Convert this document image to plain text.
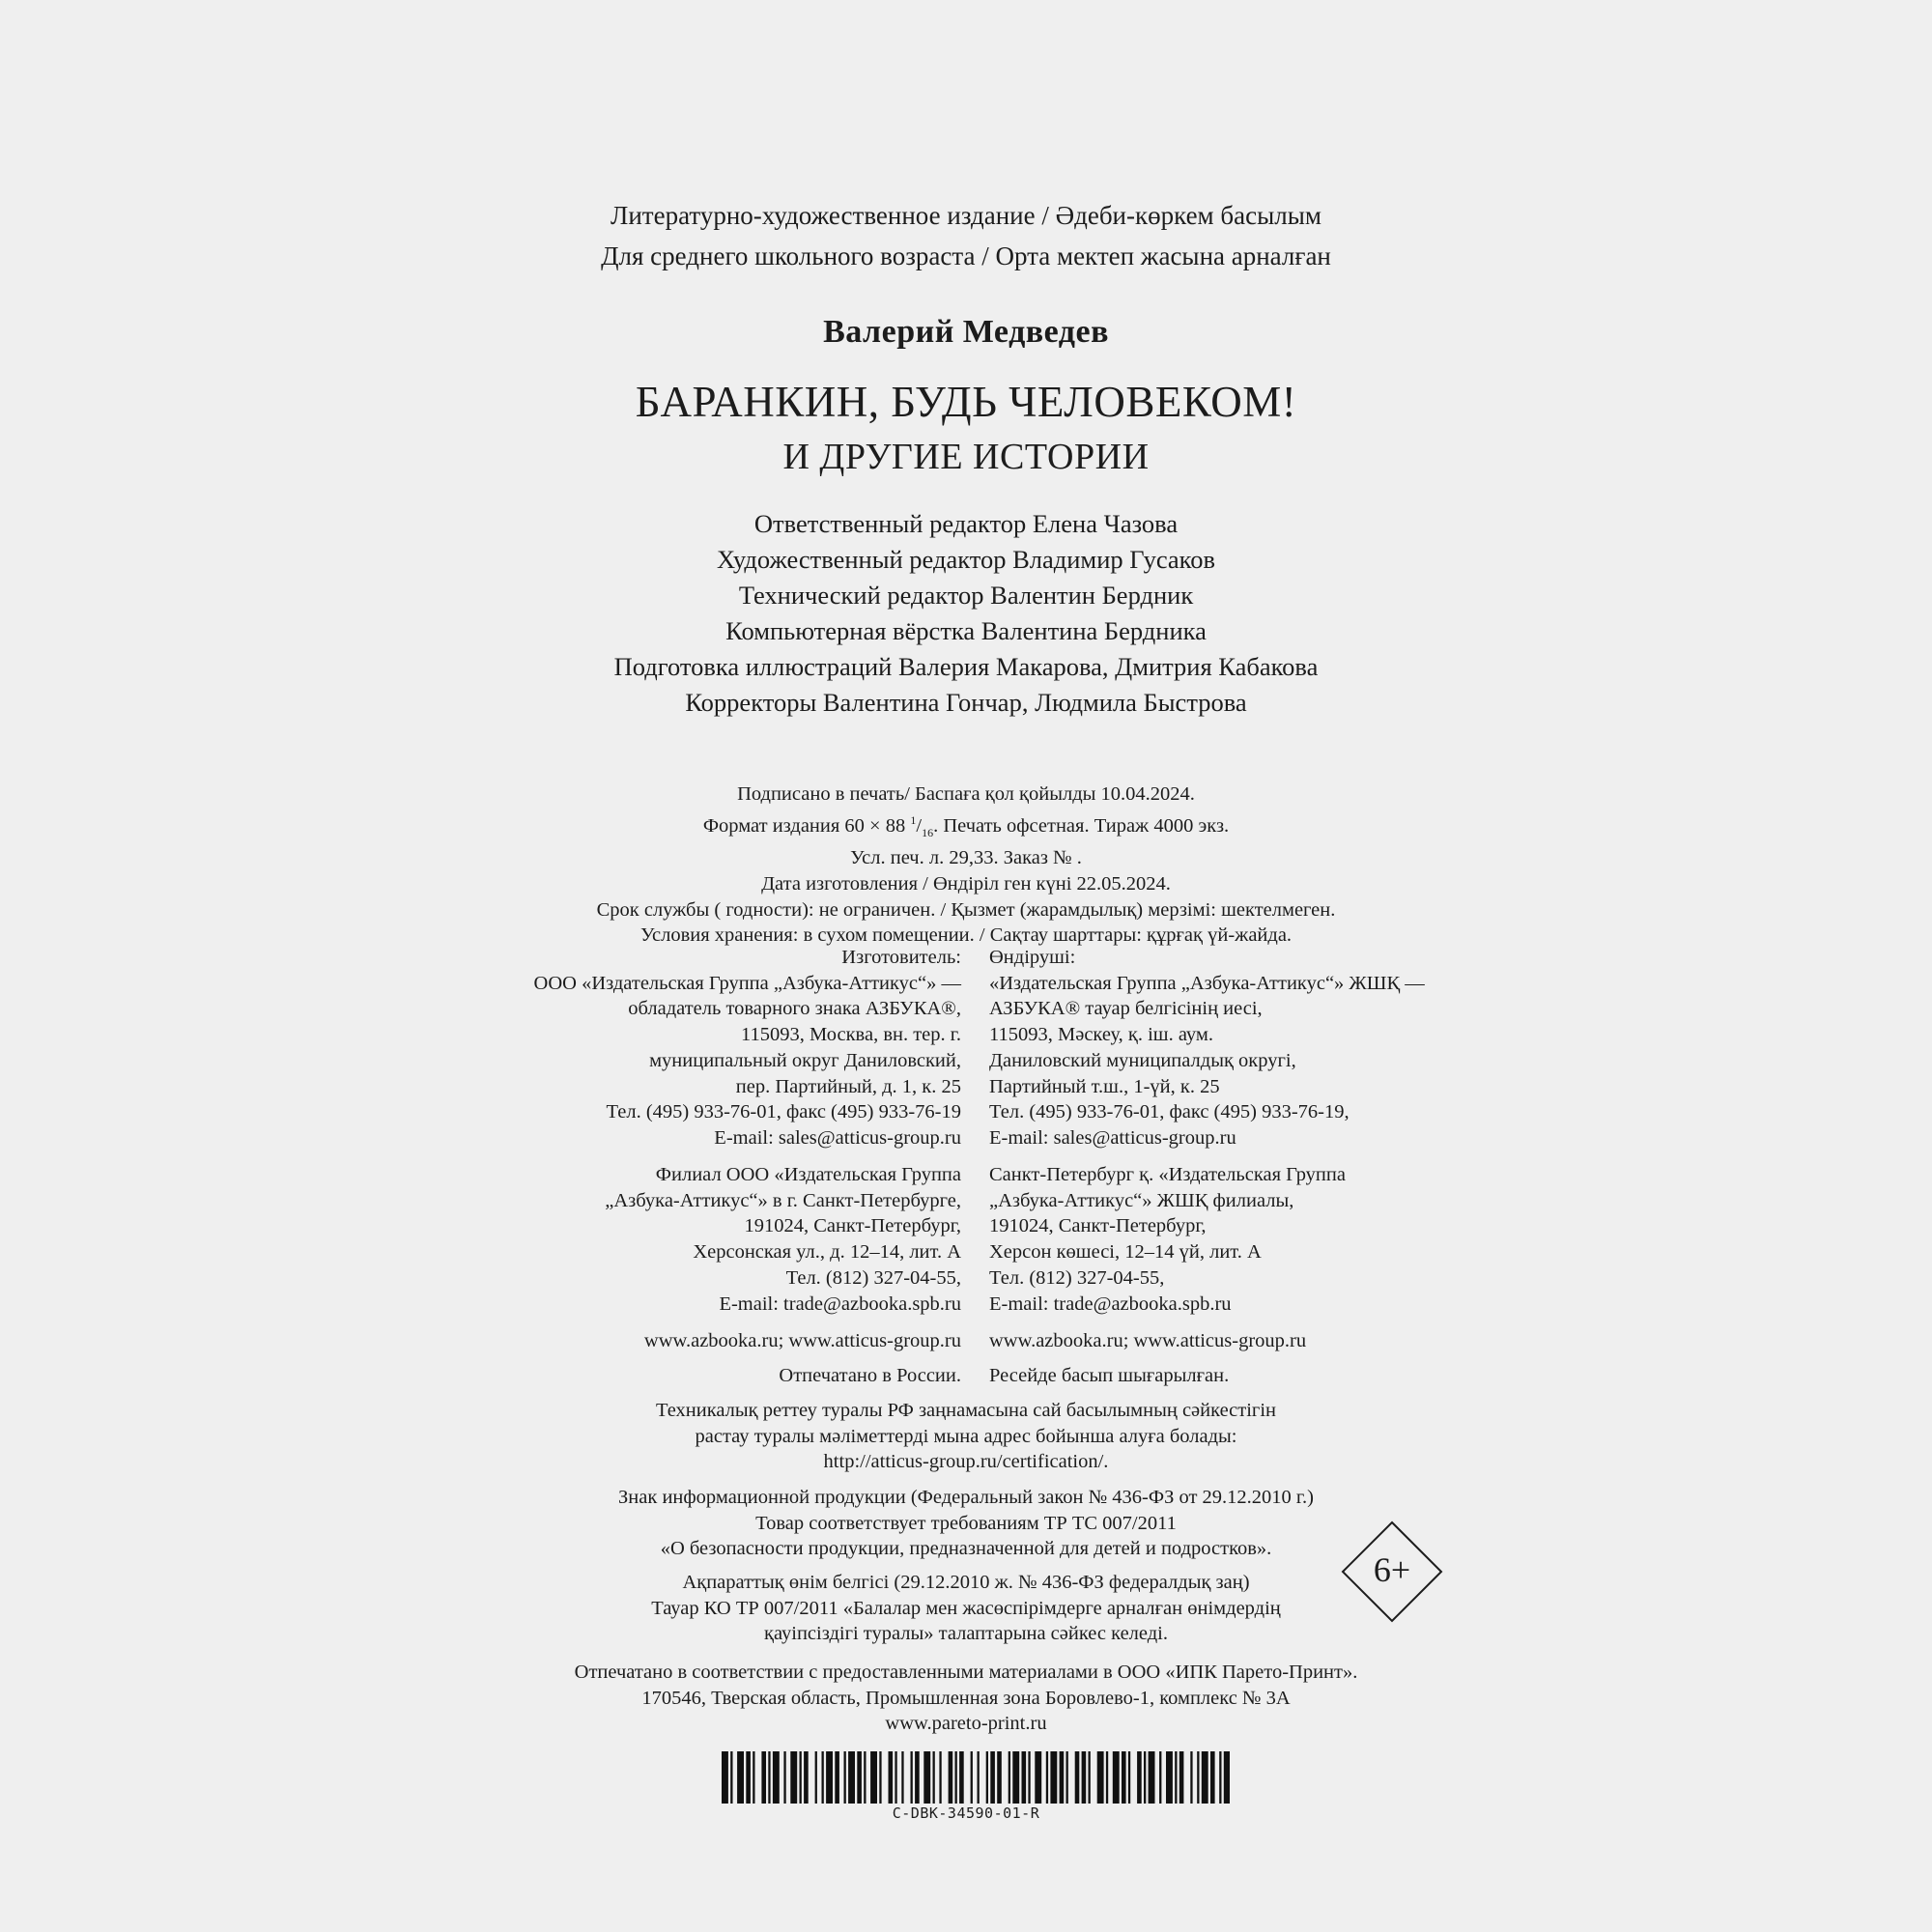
Литературно-художественное издание / Әдеби-көркем басылым
Для среднего школьного возраста / Орта мектеп жасына арналған
Валерий Медведев
БАРАНКИН, БУДЬ ЧЕЛОВЕКОМ!
И ДРУГИЕ ИСТОРИИ
Ответственный редактор Елена Чазова
Художественный редактор Владимир Гусаков
Технический редактор Валентин Бердник
Компьютерная вёрстка Валентина Бердника
Подготовка иллюстраций Валерия Макарова, Дмитрия Кабакова
Корректоры Валентина Гончар, Людмила Быстрова
Подписано в печать/ Баспаға қол қойылды 10.04.2024.
Формат издания 60 × 88 $^1/_{16}$. Печать офсетная. Тираж 4000 экз.
Усл. печ. л. 29,33. Заказ № .
Дата изготовления / Өндіріл ген күні 22.05.2024.
Срок службы ( годности): не ограничен. / Қызмет (жарамдылық) мерзімі: шектелмеген.
Условия хранения: в сухом помещении. / Сақтау шарттары: құрғақ үй-жайда.
Изготовитель:
ООО «Издательская Группа „Азбука-Аттикус“» —
обладатель товарного знака АЗБУКА®,
115093, Москва, вн. тер. г.
муниципальный округ Даниловский,
пер. Партийный, д. 1, к. 25
Тел. (495) 933-76-01, факс (495) 933-76-19
E-mail: sales@atticus-group.ru
Өндіруші:
«Издательская Группа „Азбука-Аттикус“» ЖШҚ —
АЗБУКА® тауар белгісінің иесі,
115093, Мәскеу, қ. іш. аум.
Даниловский муниципалдық округі,
Партийный т.ш., 1-үй, к. 25
Тел. (495) 933-76-01, факс (495) 933-76-19,
E-mail: sales@atticus-group.ru
Филиал ООО «Издательская Группа
„Азбука-Аттикус“» в г. Санкт-Петербурге,
191024, Санкт-Петербург,
Херсонская ул., д. 12–14, лит. А
Тел. (812) 327-04-55,
E-mail: trade@azbooka.spb.ru
Санкт-Петербург қ. «Издательская Группа
„Азбука-Аттикус“» ЖШҚ филиалы,
191024, Санкт-Петербург,
Херсон көшесі, 12–14 үй, лит. А
Тел. (812) 327-04-55,
E-mail: trade@azbooka.spb.ru
www.azbooka.ru; www.atticus-group.ru www.azbooka.ru; www.atticus-group.ru
Отпечатано в России. Ресейде басып шығарылған.
Техникалық реттеу туралы РФ заңнамасына сай басылымның сәйкестігін
растау туралы мәліметтерді мына адрес бойынша алуға болады:
http://atticus-group.ru/certification/.
Знак информационной продукции (Федеральный закон № 436-ФЗ от 29.12.2010 г.)
Товар соответствует требованиям ТР ТС 007/2011
«О безопасности продукции, предназначенной для детей и подростков».
Ақпараттық өнім белгісі (29.12.2010 ж. № 436-ФЗ федералдық заң)
Тауар КО ТР 007/2011 «Балалар мен жасөспірімдерге арналған өнімдердің
қауіпсіздігі туралы» талаптарына сәйкес келеді.
6+
Отпечатано в соответствии с предоставленными материалами в ООО «ИПК Парето-Принт».
170546, Тверская область, Промышленная зона Боровлево-1, комплекс № 3А
www.pareto-print.ru
C-DBK-34590-01-R
